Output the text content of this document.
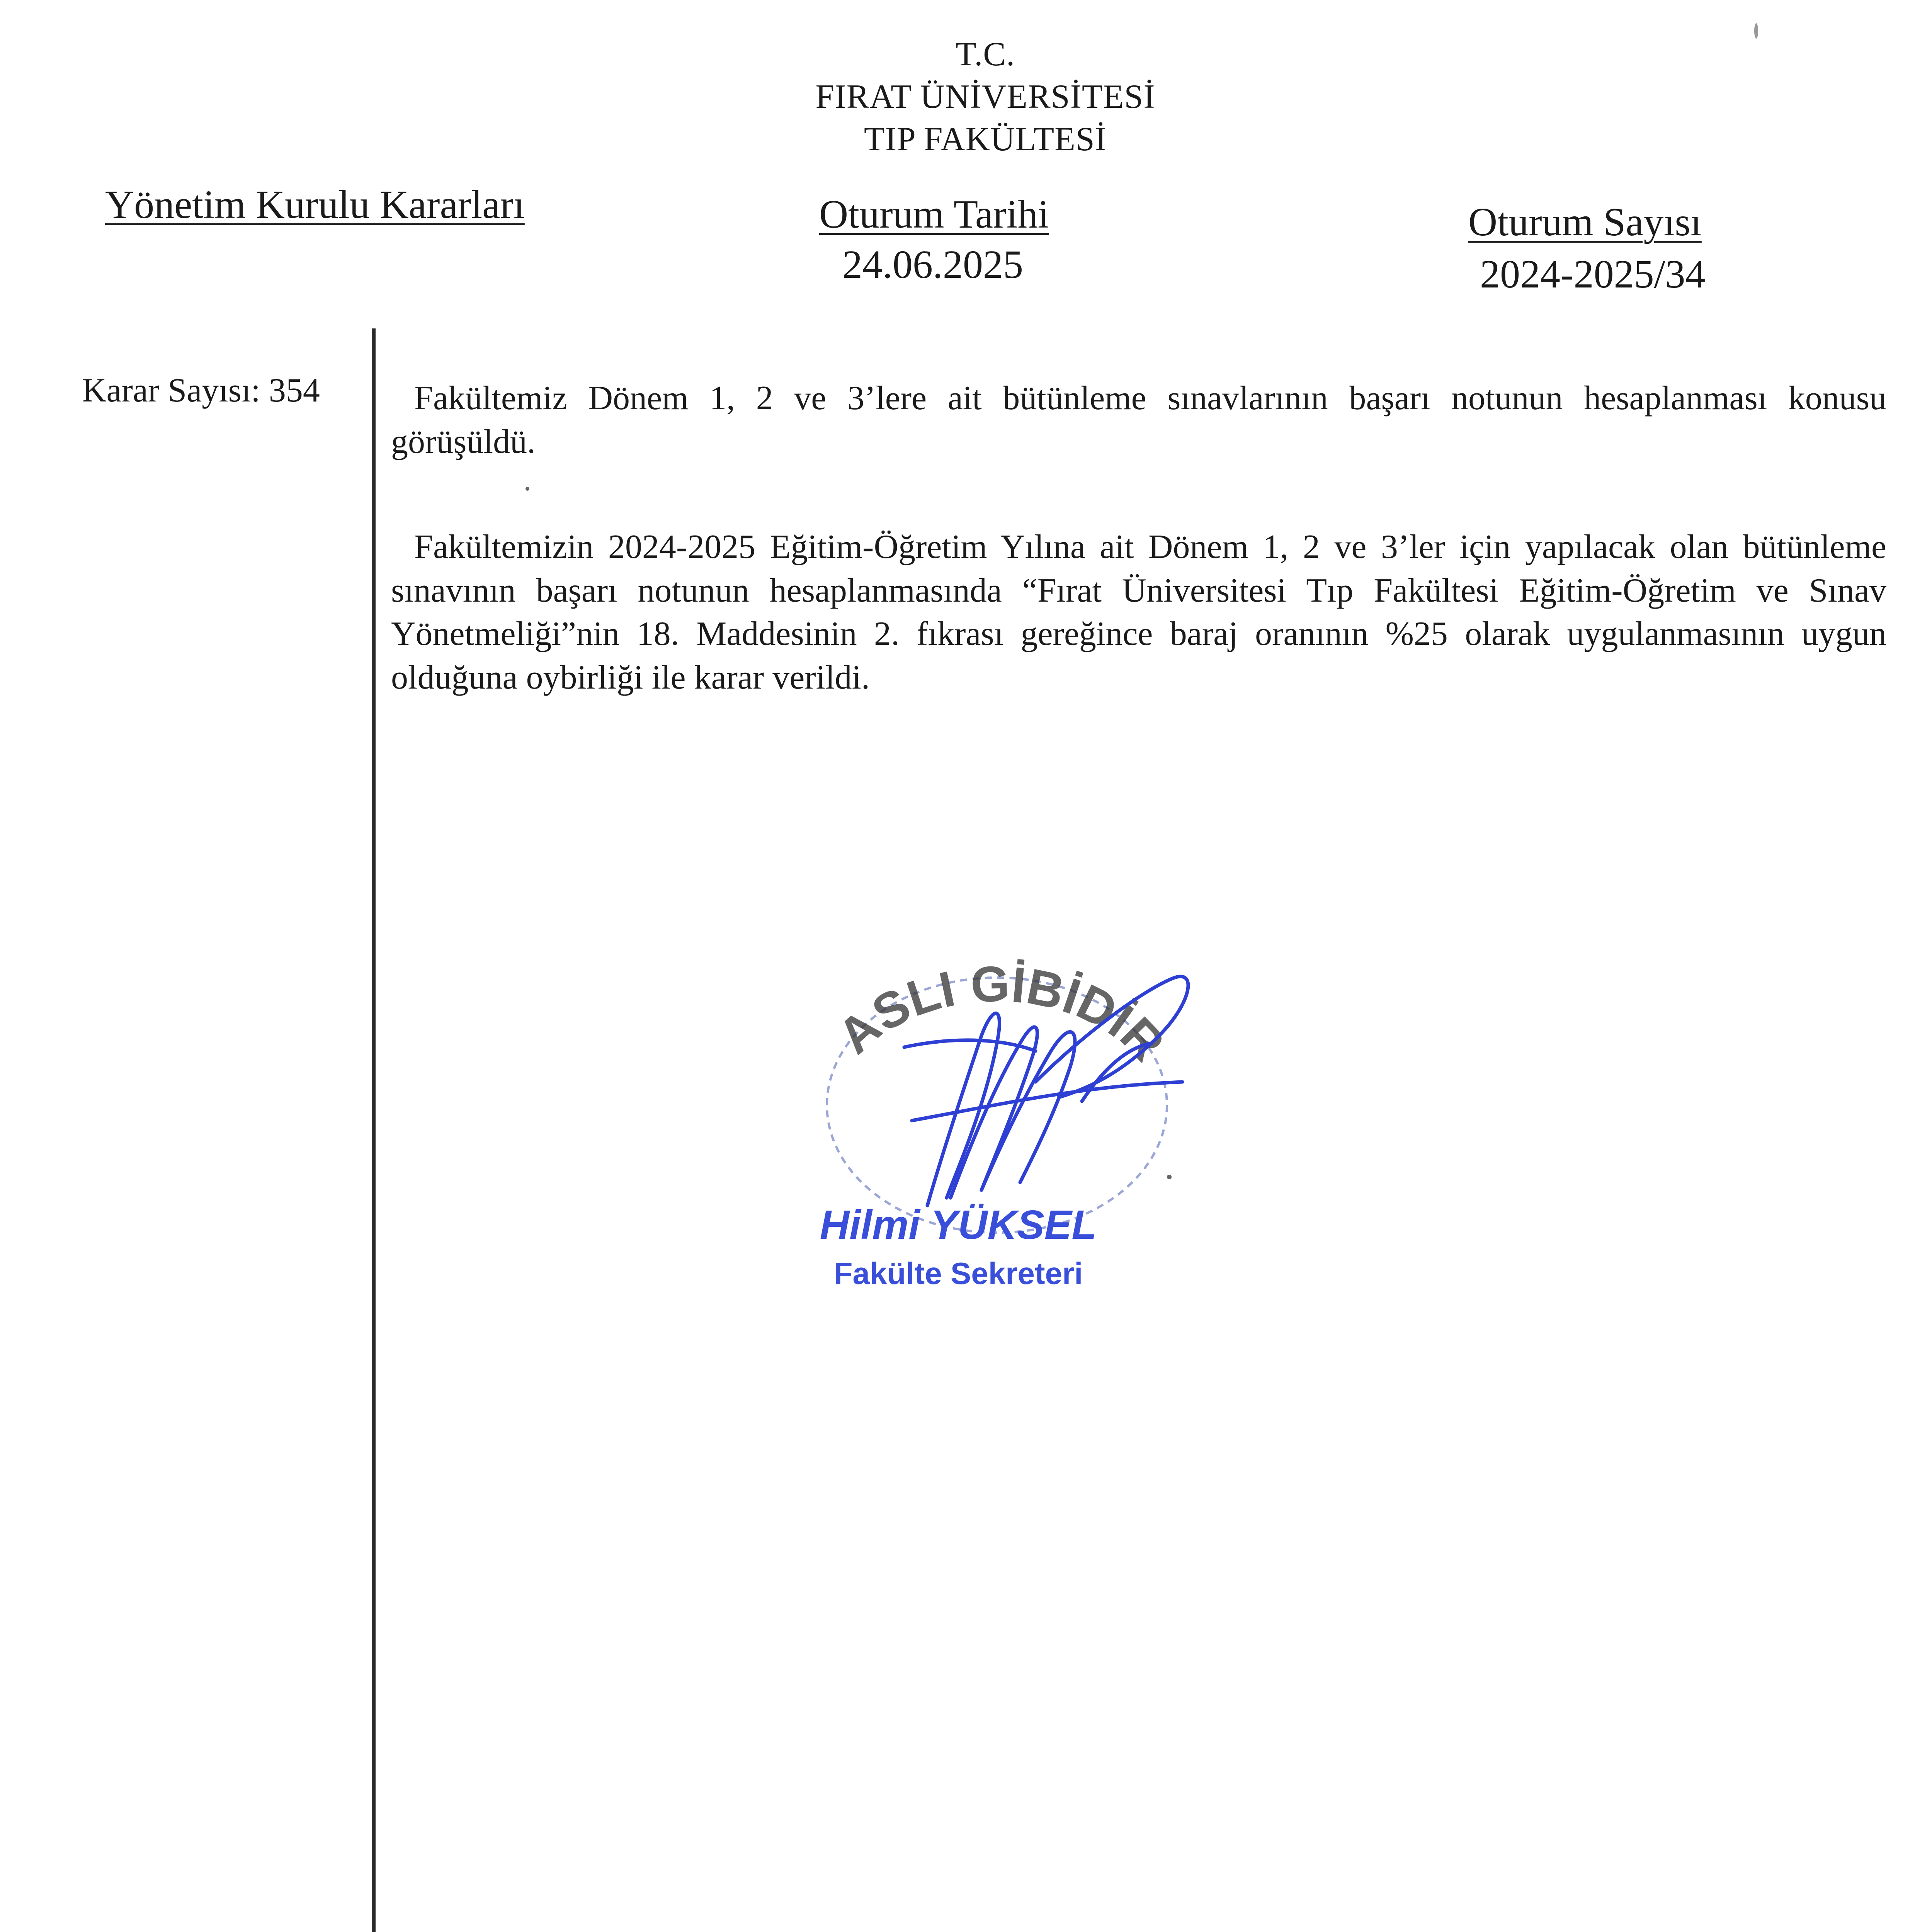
T.C.
FIRAT ÜNİVERSİTESİ
TIP FAKÜLTESİ
Yönetim Kurulu Kararları	Oturum Tarihi
24.06.2025
Oturum Sayısı
2024-2025/34
Karar Sayısı: 354	Fakültemiz Dönem 1, 2 ve 3’lere ait bütünleme sınavlarının başarı notunun hesaplanması konusu görüşüldü.
Fakültemizin 2024-2025 Eğitim-Öğretim Yılına ait Dönem 1, 2 ve 3’ler için yapılacak olan bütünleme sınavının başarı notunun hesaplanmasında “Fırat Üniversitesi Tıp Fakültesi Eğitim-Öğretim ve Sınav Yönetmeliği”nin 18. Maddesinin 2. fıkrası gereğince baraj oranının %25 olarak uygulanmasının uygun olduğuna oybirliği ile karar verildi.
ASLI GİBİDİR
Hilmi YÜKSEL
Fakülte Sekreteri
